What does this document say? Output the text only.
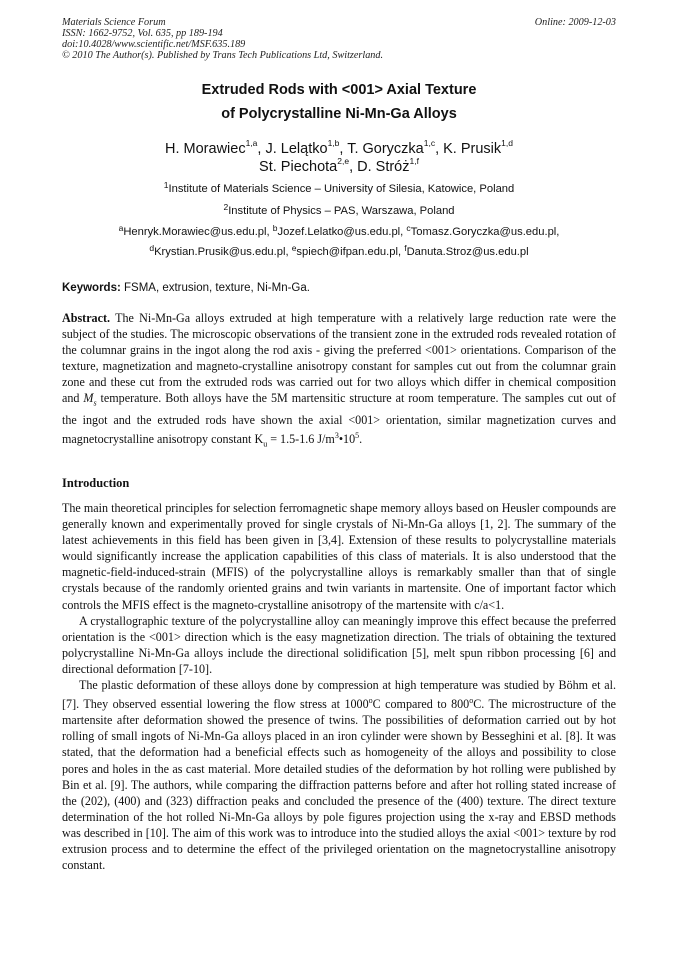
Materials Science Forum	Online: 2009-12-03
ISSN: 1662-9752, Vol. 635, pp 189-194
doi:10.4028/www.scientific.net/MSF.635.189
© 2010 The Author(s). Published by Trans Tech Publications Ltd, Switzerland.
Extruded Rods with <001> Axial Texture
of Polycrystalline Ni-Mn-Ga Alloys
H. Morawiec$^{1,a}$, J. Lelątko$^{1,b}$, T. Goryczka$^{1,c}$, K. Prusik$^{1,d}$
St. Piechota$^{2,e}$, D. Stróż$^{1,f}$
$^1$Institute of Materials Science – University of Silesia, Katowice, Poland
$^2$Institute of Physics – PAS, Warszawa, Poland
$^a$Henryk.Morawiec@us.edu.pl, $^b$Jozef.Lelatko@us.edu.pl, $^c$Tomasz.Goryczka@us.edu.pl,
$^d$Krystian.Prusik@us.edu.pl, $^e$spiech@ifpan.edu.pl, $^f$Danuta.Stroz@us.edu.pl
Keywords: FSMA, extrusion, texture, Ni-Mn-Ga.

Abstract. The Ni-Mn-Ga alloys extruded at high temperature with a relatively large reduction rate were the subject of the studies. The microscopic observations of the transient zone in the extruded rods revealed rotation of the columnar grains in the ingot along the rod axis - giving the preferred <001> orientations. Comparison of the texture, magnetization and magneto-crystalline anisotropy constant for samples cut out from the columnar grain zone and these cut from the extruded rods was carried out for two alloys which differ in chemical composition and $M_s$ temperature. Both alloys have the 5M martensitic structure at room temperature. The samples cut out of the ingot and the extruded rods have shown the axial <001> orientation, similar magnetization curves and magnetocrystalline anisotropy constant $K_u = 1.5-1.6$ $J/m^3•10^5$.

Introduction

The main theoretical principles for selection ferromagnetic shape memory alloys based on Heusler compounds are generally known and experimentally proved for single crystals of Ni-Mn-Ga alloys [1, 2]. The summary of the latest achievements in this field has been given in [3,4]. Extension of these results to polycrystalline materials would significantly increase the application capabilities of this class of materials. It is also understood that the magnetic-field-induced-strain (MFIS) of the polycrystalline alloys is remarkably smaller than that of single crystals because of the randomly oriented grains and twin variants in martensite. One of important factor which controls the MFIS effect is the magneto-crystalline anisotropy of the martensite with c/a<1.

A crystallographic texture of the polycrystalline alloy can meaningly improve this effect because the preferred orientation is the <001> direction which is the easy magnetization direction. The trials of obtaining the textured polycrystalline Ni-Mn-Ga alloys include the directional solidification [5], melt spun ribbon processing [6] and directional deformation [7-10].

The plastic deformation of these alloys done by compression at high temperature was studied by Böhm et al. [7]. They observed essential lowering the flow stress at 1000$^o$C compared to 800$^o$C. The microstructure of the martensite after deformation showed the presence of twins. The possibilities of deformation carried out by hot rolling of small ingots of Ni-Mn-Ga alloys placed in an iron cylinder were shown by Besseghini et al. [8]. It was stated, that the deformation had a beneficial effects such as homogeneity of the alloys and possibility to close pores and holes in the as cast material. More detailed studies of the deformation by hot rolling were published by Bin et al. [9]. The authors, while comparing the diffraction patterns before and after hot rolling stated increase of the (202), (400) and (323) diffraction peaks and concluded the presence of the (400) texture. The direct texture determination of the hot rolled Ni-Mn-Ga alloys by pole figures projection using the x-ray and EBSD methods was described in [10]. The aim of this work was to introduce into the studied alloys the axial <001> texture by rod extrusion process and to determine the effect of the privileged orientation on the magnetocrystalline anisotropy constant.
